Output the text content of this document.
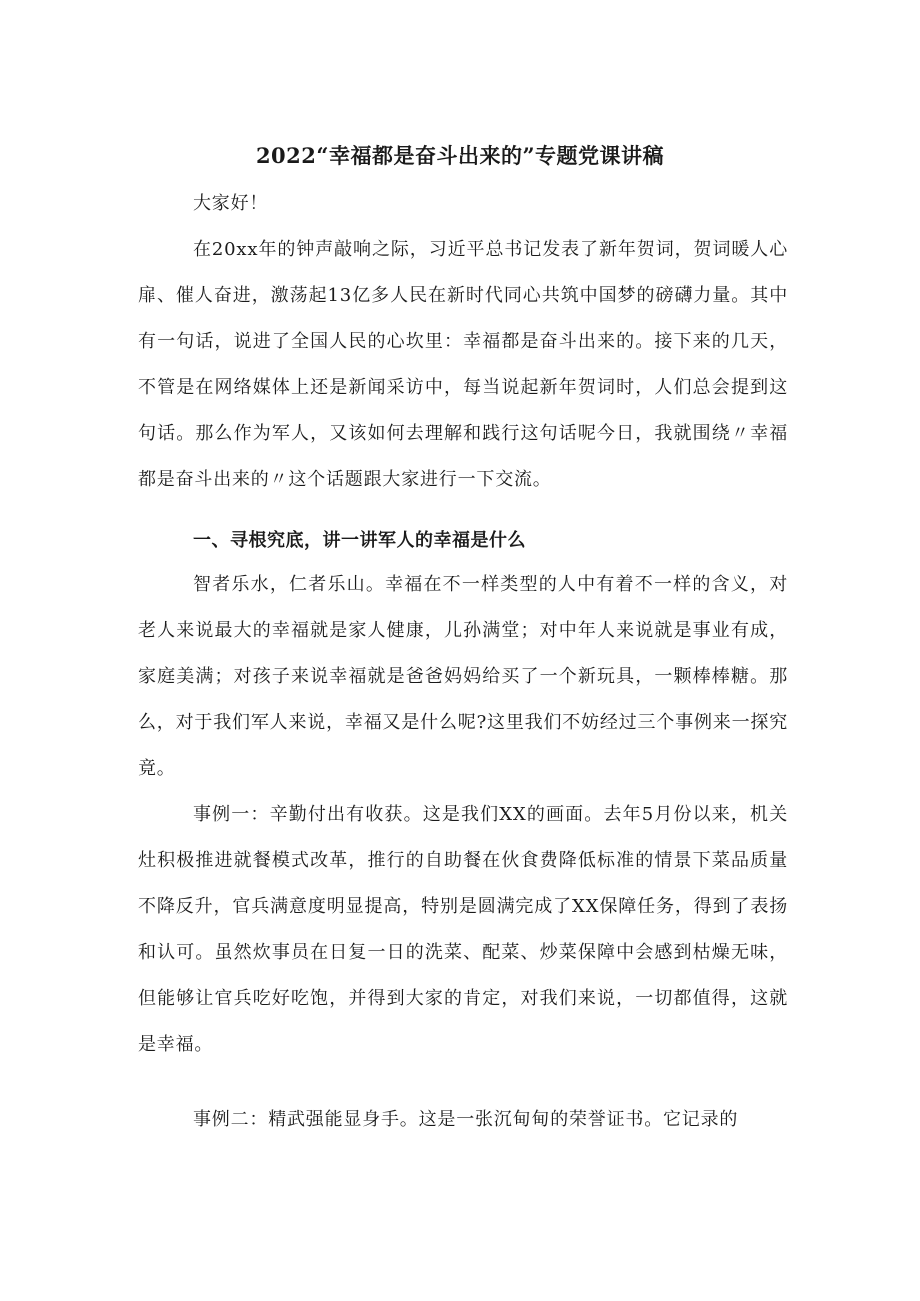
2022“幸福都是奋斗出来的”专题党课讲稿

大家好！

在20xx年的钟声敲响之际，习近平总书记发表了新年贺词，贺词暖人心扉、催人奋进，激荡起13亿多人民在新时代同心共筑中国梦的磅礴力量。其中有一句话，说进了全国人民的心坎里：幸福都是奋斗出来的。接下来的几天，不管是在网络媒体上还是新闻采访中，每当说起新年贺词时，人们总会提到这句话。那么作为军人，又该如何去理解和践行这句话呢今日，我就围绕〃幸福都是奋斗出来的〃这个话题跟大家进行一下交流。

一、寻根究底，讲一讲军人的幸福是什么

智者乐水，仁者乐山。幸福在不一样类型的人中有着不一样的含义，对老人来说最大的幸福就是家人健康，儿孙满堂；对中年人来说就是事业有成，家庭美满；对孩子来说幸福就是爸爸妈妈给买了一个新玩具，一颗棒棒糖。那么，对于我们军人来说，幸福又是什么呢?这里我们不妨经过三个事例来一探究竟。

事例一：辛勤付出有收获。这是我们XX的画面。去年5月份以来，机关灶积极推进就餐模式改革，推行的自助餐在伙食费降低标准的情景下菜品质量不降反升，官兵满意度明显提高，特别是圆满完成了XX保障任务，得到了表扬和认可。虽然炊事员在日复一日的洗菜、配菜、炒菜保障中会感到枯燥无味，但能够让官兵吃好吃饱，并得到大家的肯定，对我们来说，一切都值得，这就是幸福。

事例二：精武强能显身手。这是一张沉甸甸的荣誉证书。它记录的
